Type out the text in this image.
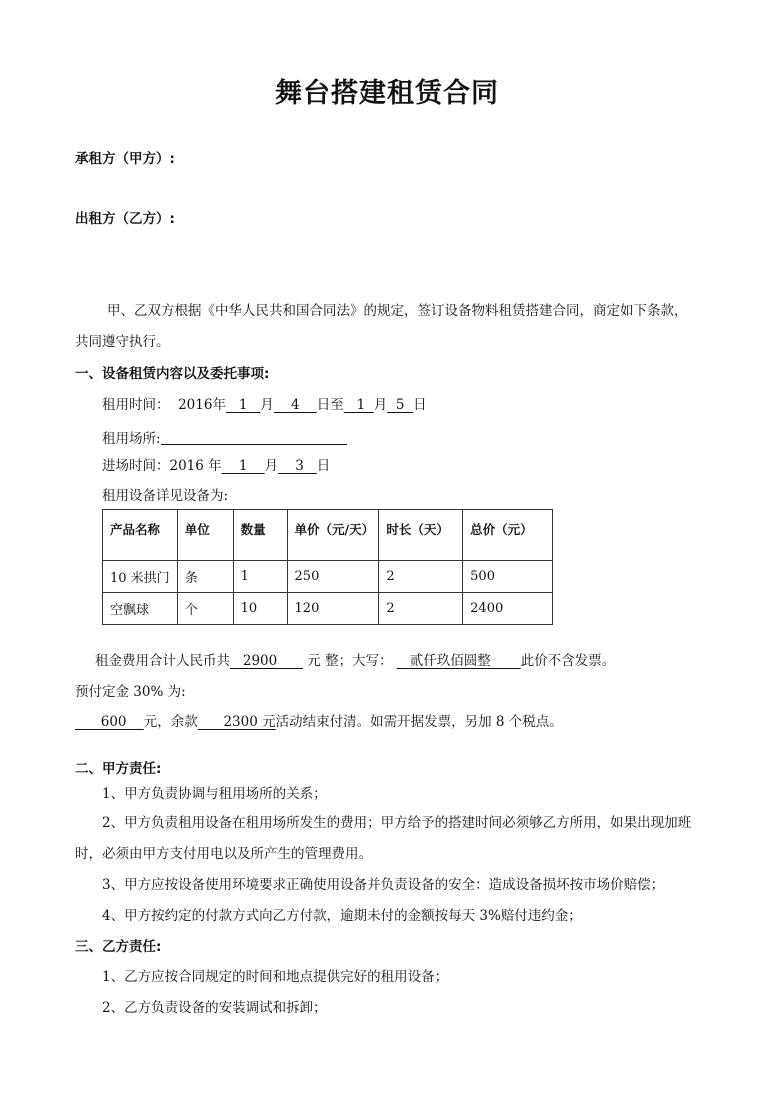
舞台搭建租赁合同
承租方（甲方）:
出租方（乙方）:
甲、乙双方根据《中华人民共和国合同法》的规定，签订设备物料租赁搭建合同，商定如下条款，
共同遵守执行。
一、设备租赁内容以及委托事项:
租用时间： 2016年 1 月 4 日至 1 月 5 日
租用场所:
进场时间：2016 年 1 月 3 日
租用设备详见设备为:
产品名称	单位	数量	单价（元/天）	时长（天）	总价（元）
10 米拱门	条	1	250	2	500
空飘球	个	10	120	2	2400
租金费用合计人民币共 2900 元 整；大写： 贰仟玖佰圆整 此价不含发票。
预付定金 30% 为:
600 元，余款 2300 元活动结束付清。如需开据发票，另加 8 个税点。
二、甲方责任:
1、甲方负责协调与租用场所的关系；
2、甲方负责租用设备在租用场所发生的费用；甲方给予的搭建时间必须够乙方所用，如果出现加班
时，必须由甲方支付用电以及所产生的管理费用。
3、甲方应按设备使用环境要求正确使用设备并负责设备的安全：造成设备损坏按市场价赔偿；
4、甲方按约定的付款方式向乙方付款，逾期未付的金额按每天 3%赔付违约金；
三、乙方责任:
1、乙方应按合同规定的时间和地点提供完好的租用设备；
2、乙方负责设备的安装调试和拆卸；
